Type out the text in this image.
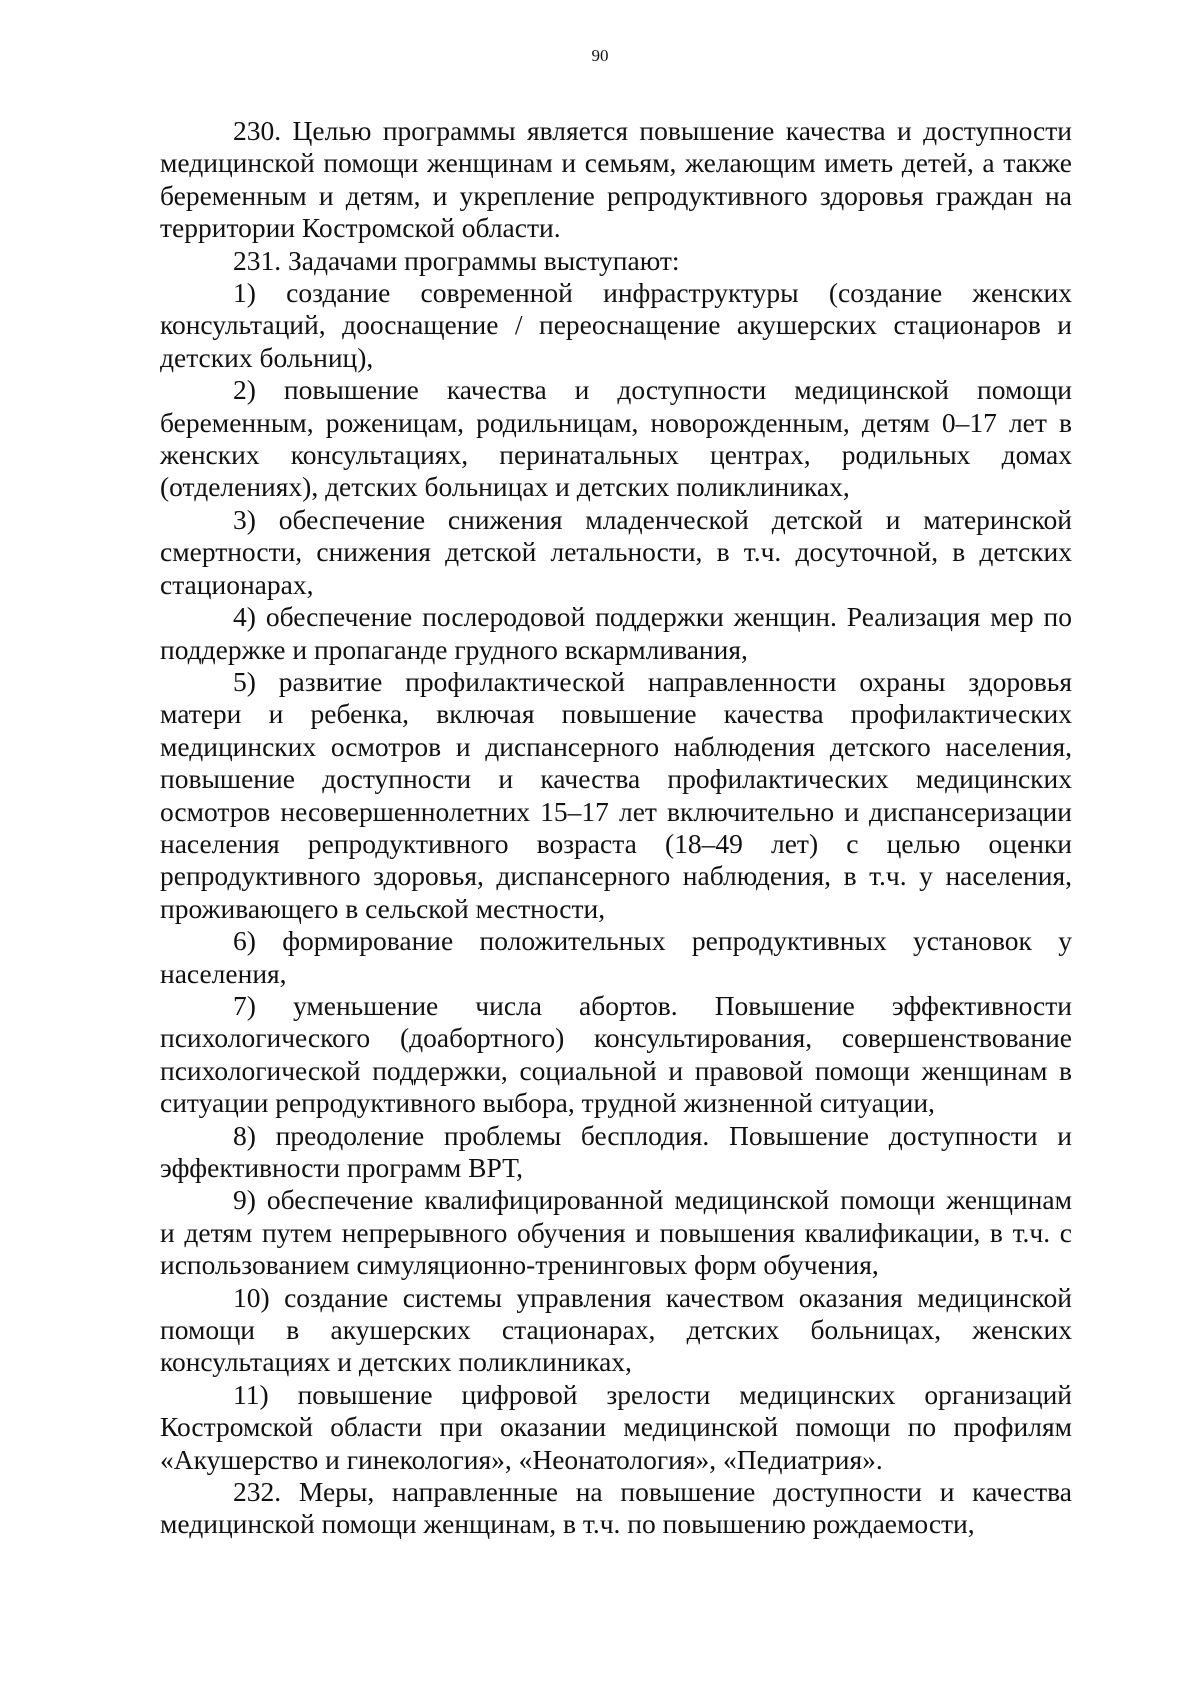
90

230. Целью программы является повышение качества и доступности медицинской помощи женщинам и семьям, желающим иметь детей, а также беременным и детям, и укрепление репродуктивного здоровья граждан на территории Костромской области.

231. Задачами программы выступают:

1) создание современной инфраструктуры (создание женских консультаций, дооснащение / переоснащение акушерских стационаров и детских больниц),

2) повышение качества и доступности медицинской помощи беременным, роженицам, родильницам, новорожденным, детям 0–17 лет в женских консультациях, перинатальных центрах, родильных домах (отделениях), детских больницах и детских поликлиниках,

3) обеспечение снижения младенческой детской и материнской смертности, снижения детской летальности, в т.ч. досуточной, в детских стационарах,

4) обеспечение послеродовой поддержки женщин. Реализация мер по поддержке и пропаганде грудного вскармливания,

5) развитие профилактической направленности охраны здоровья матери и ребенка, включая повышение качества профилактических медицинских осмотров и диспансерного наблюдения детского населения, повышение доступности и качества профилактических медицинских осмотров несовершеннолетних 15–17 лет включительно и диспансеризации населения репродуктивного возраста (18–49 лет) с целью оценки репродуктивного здоровья, диспансерного наблюдения, в т.ч. у населения, проживающего в сельской местности,

6) формирование положительных репродуктивных установок у населения,

7) уменьшение числа абортов. Повышение эффективности психологического (доабортного) консультирования, совершенствование психологической поддержки, социальной и правовой помощи женщинам в ситуации репродуктивного выбора, трудной жизненной ситуации,

8) преодоление проблемы бесплодия. Повышение доступности и эффективности программ ВРТ,

9) обеспечение квалифицированной медицинской помощи женщинам и детям путем непрерывного обучения и повышения квалификации, в т.ч. с использованием симуляционно-тренинговых форм обучения,

10) создание системы управления качеством оказания медицинской помощи в акушерских стационарах, детских больницах, женских консультациях и детских поликлиниках,

11) повышение цифровой зрелости медицинских организаций Костромской области при оказании медицинской помощи по профилям «Акушерство и гинекология», «Неонатология», «Педиатрия».

232. Меры, направленные на повышение доступности и качества медицинской помощи женщинам, в т.ч. по повышению рождаемости,
